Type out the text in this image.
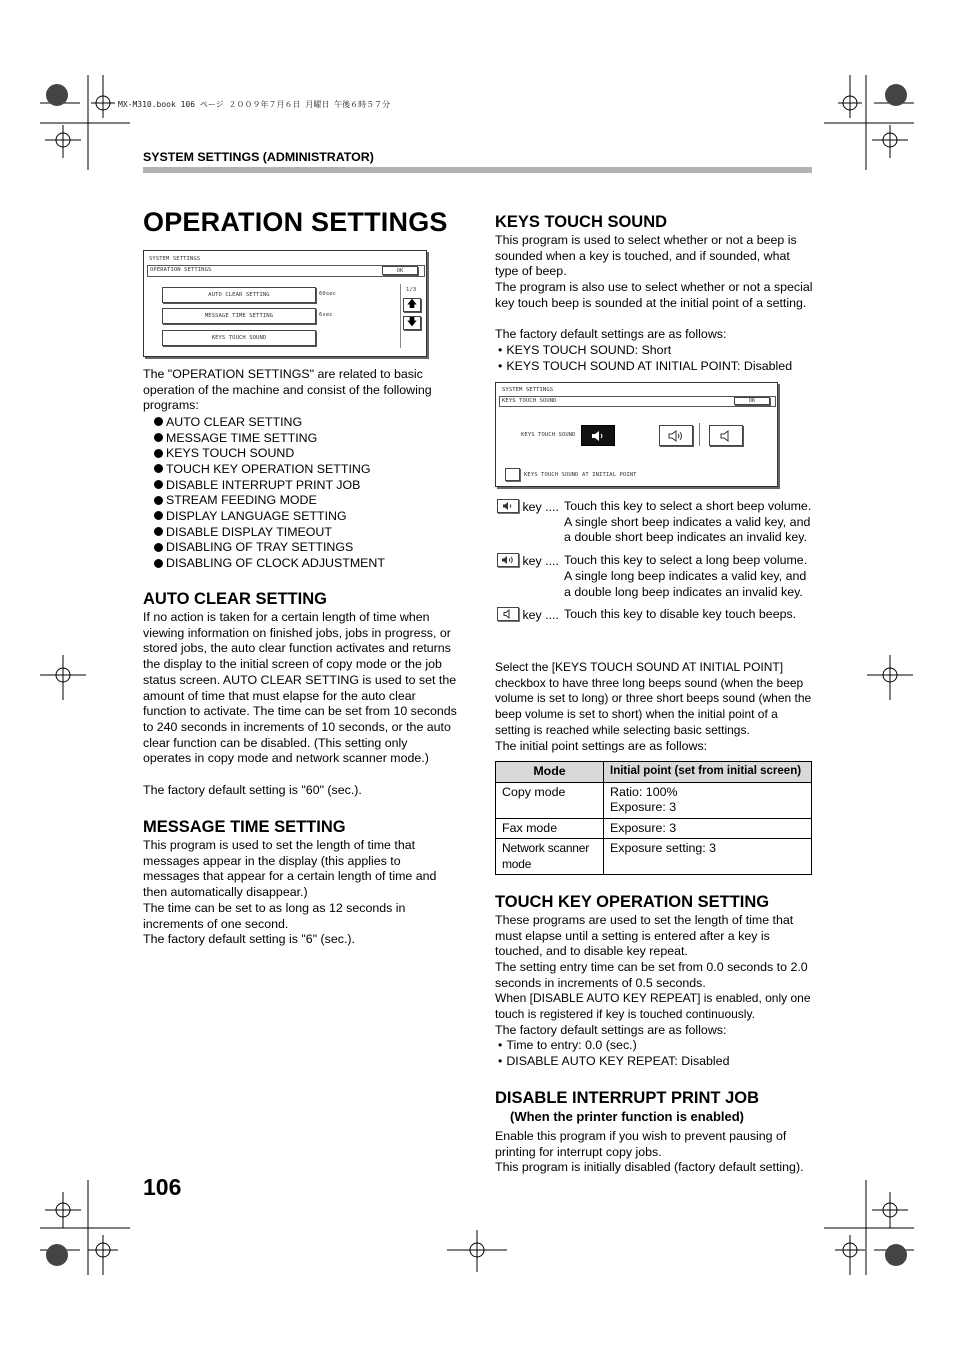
MX-M310.book 106 ページ ２００９年７月６日 月曜日 午後６時５７分
SYSTEM SETTINGS (ADMINISTRATOR)
OPERATION SETTINGS
SYSTEM SETTINGS
OPERATION SETTINGS	OK
AUTO CLEAR SETTING	60sec
MESSAGE TIME SETTING	6sec
KEYS TOUCH SOUND
1/3
🡅
🡇

The "OPERATION SETTINGS" are related to basic operation of the machine and consist of the following programs:

AUTO CLEAR SETTING
MESSAGE TIME SETTING
KEYS TOUCH SOUND
TOUCH KEY OPERATION SETTING
DISABLE INTERRUPT PRINT JOB
STREAM FEEDING MODE
DISPLAY LANGUAGE SETTING
DISABLE DISPLAY TIMEOUT
DISABLING OF TRAY SETTINGS
DISABLING OF CLOCK ADJUSTMENT
AUTO CLEAR SETTING

If no action is taken for a certain length of time when viewing information on finished jobs, jobs in progress, or stored jobs, the auto clear function activates and returns the display to the initial screen of copy mode or the job status screen. AUTO CLEAR SETTING is used to set the amount of time that must elapse for the auto clear function to activate. The time can be set from 10 seconds to 240 seconds in increments of 10 seconds, or the auto clear function can be disabled. (This setting only operates in copy mode and network scanner mode.)

The factory default setting is "60" (sec.).

MESSAGE TIME SETTING

This program is used to set the length of time that messages appear in the display (this applies to messages that appear for a certain length of time and then automatically disappear.)

The time can be set to as long as 12 seconds in increments of one second.

The factory default setting is "6" (sec.).

106
KEYS TOUCH SOUND

This program is used to select whether or not a beep is sounded when a key is touched, and if sounded, what type of beep.

The program is also use to select whether or not a special key touch beep is sounded at the initial point of a setting.

The factory default settings are as follows:

• KEYS TOUCH SOUND: Short
• KEYS TOUCH SOUND AT INITIAL POINT: Disabled
SYSTEM SETTINGS
KEYS TOUCH SOUND	OK
KEYS TOUCH SOUND
KEYS TOUCH SOUND AT INITIAL POINT
key .... Touch this key to select a short beep volume. A single short beep indicates a valid key, and a double short beep indicates an invalid key.
key .... Touch this key to select a long beep volume. A single long beep indicates a valid key, and a double long beep indicates an invalid key.
key .... Touch this key to disable key touch beeps.

Select the [KEYS TOUCH SOUND AT INITIAL POINT] checkbox to have three long beeps sound (when the beep volume is set to long) or three short beeps sound (when the beep volume is set to short) when the initial point of a setting is reached while selecting basic settings.

The initial point settings are as follows:

Mode	Initial point (set from initial screen)
Copy mode	Ratio: 100%
Exposure: 3

Fax mode	Exposure: 3
Network scanner mode	Exposure setting: 3
TOUCH KEY OPERATION SETTING

These programs are used to set the length of time that must elapse until a setting is entered after a key is touched, and to disable key repeat.

The setting entry time can be set from 0.0 seconds to 2.0 seconds in increments of 0.5 seconds.

When [DISABLE AUTO KEY REPEAT] is enabled, only one touch is registered if key is touched continuously.

The factory default settings are as follows:

• Time to entry: 0.0 (sec.)
• DISABLE AUTO KEY REPEAT: Disabled
DISABLE INTERRUPT PRINT JOB
(When the printer function is enabled)

Enable this program if you wish to prevent pausing of printing for interrupt copy jobs.

This program is initially disabled (factory default setting).
